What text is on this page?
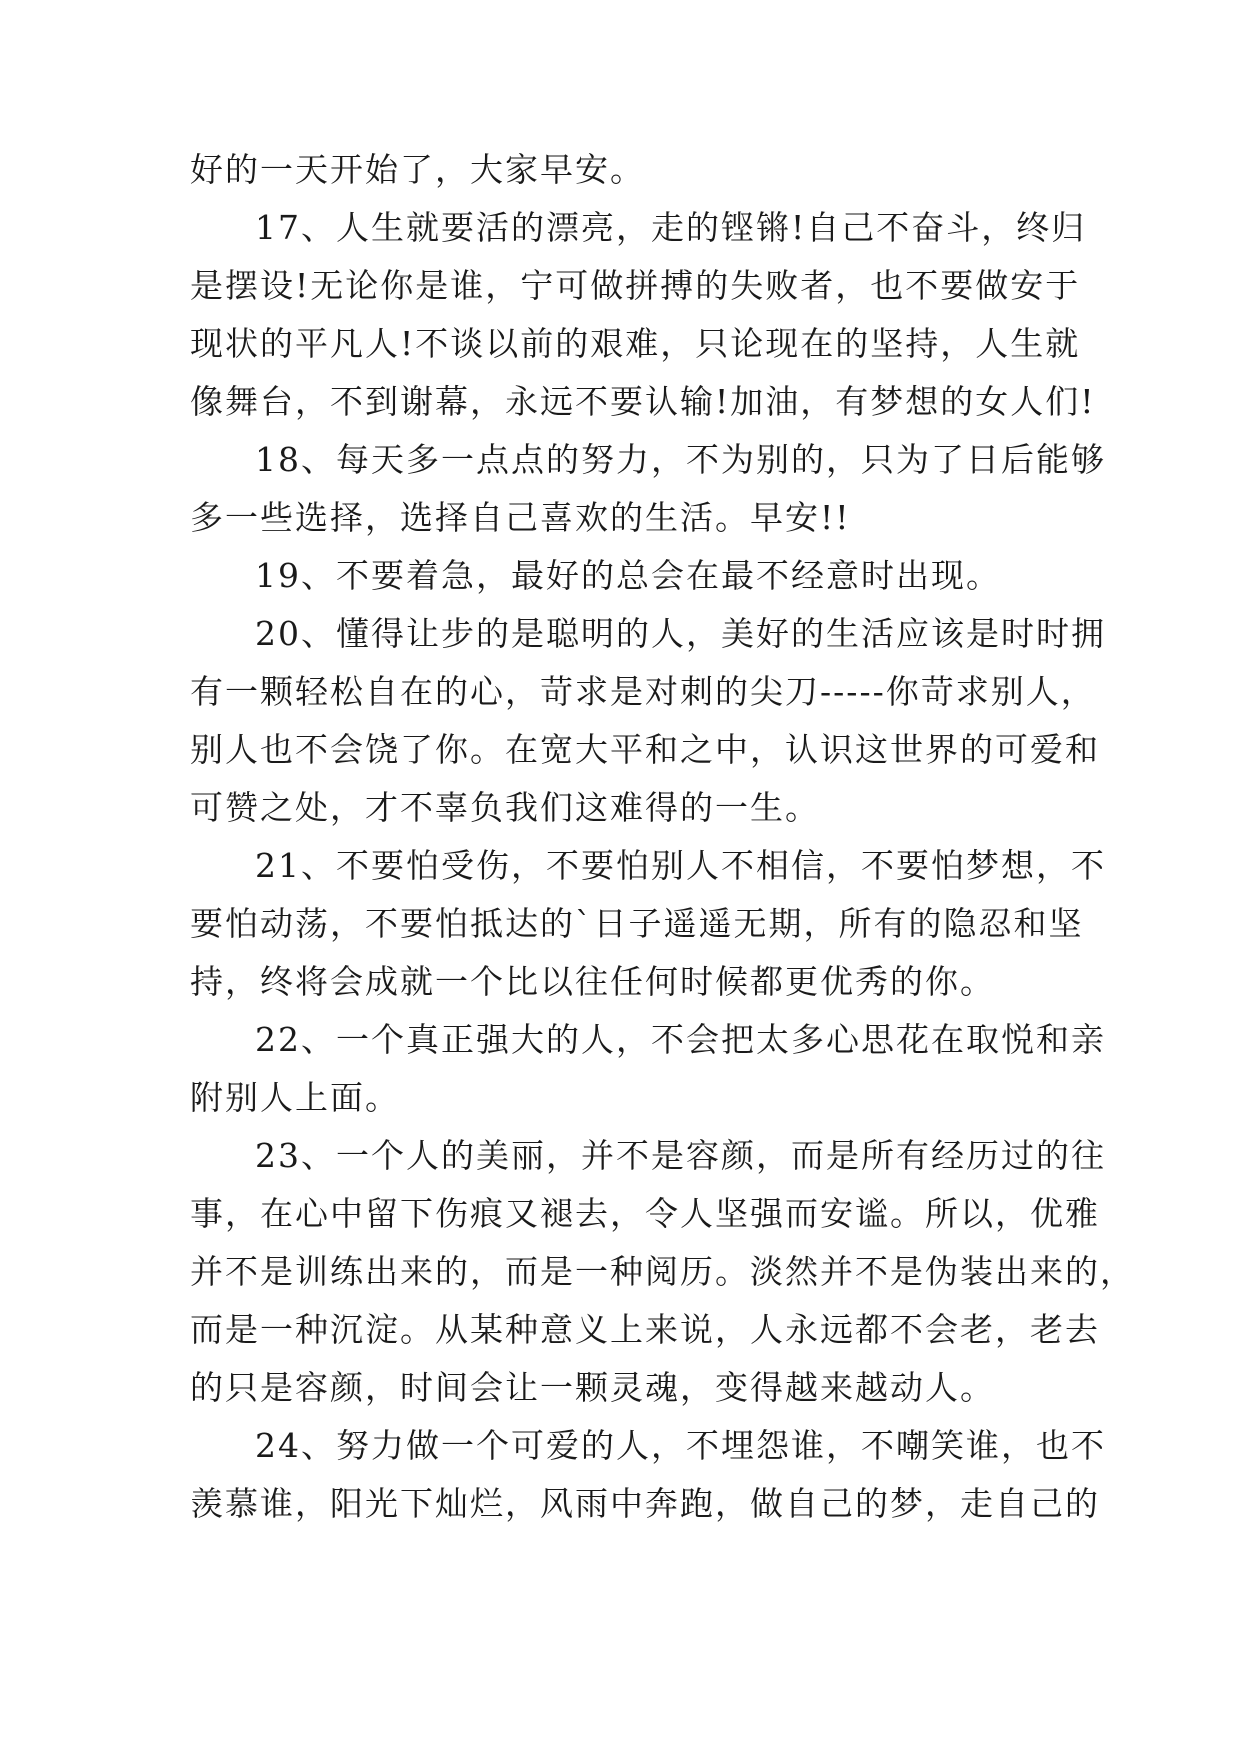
好的一天开始了，大家早安。
17、人生就要活的漂亮，走的铿锵!自己不奋斗，终归
是摆设!无论你是谁，宁可做拼搏的失败者，也不要做安于
现状的平凡人!不谈以前的艰难，只论现在的坚持，人生就
像舞台，不到谢幕，永远不要认输!加油，有梦想的女人们!
18、每天多一点点的努力，不为别的，只为了日后能够
多一些选择，选择自己喜欢的生活。早安!!
19、不要着急，最好的总会在最不经意时出现。
20、懂得让步的是聪明的人，美好的生活应该是时时拥
有一颗轻松自在的心，苛求是对刺的尖刀-----你苛求别人，
别人也不会饶了你。在宽大平和之中，认识这世界的可爱和
可赞之处，才不辜负我们这难得的一生。
21、不要怕受伤，不要怕别人不相信，不要怕梦想，不
要怕动荡，不要怕抵达的`日子遥遥无期，所有的隐忍和坚
持，终将会成就一个比以往任何时候都更优秀的你。
22、一个真正强大的人，不会把太多心思花在取悦和亲
附别人上面。
23、一个人的美丽，并不是容颜，而是所有经历过的往
事，在心中留下伤痕又褪去，令人坚强而安谧。所以，优雅
并不是训练出来的，而是一种阅历。淡然并不是伪装出来的，
而是一种沉淀。从某种意义上来说，人永远都不会老，老去
的只是容颜，时间会让一颗灵魂，变得越来越动人。
24、努力做一个可爱的人，不埋怨谁，不嘲笑谁，也不
羡慕谁，阳光下灿烂，风雨中奔跑，做自己的梦，走自己的
